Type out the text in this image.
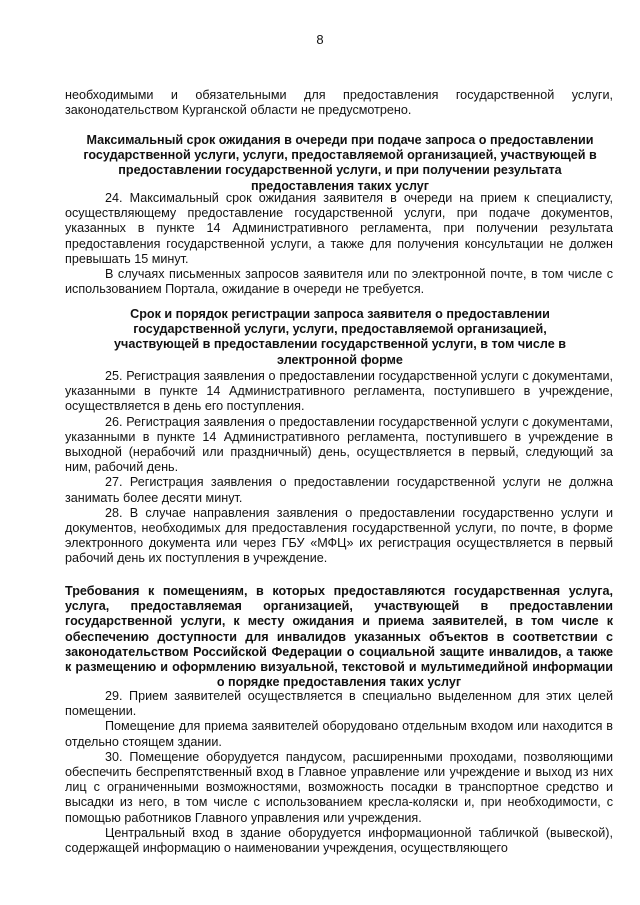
8

необходимыми и обязательными для предоставления государственной услуги, законодательством Курганской области не предусмотрено.

Максимальный срок ожидания в очереди при подаче запроса о предоставлении государственной услуги, услуги, предоставляемой организацией, участвующей в предоставлении государственной услуги, и при получении результата предоставления таких услуг

24. Максимальный срок ожидания заявителя в очереди на прием к специалисту, осуществляющему предоставление государственной услуги, при подаче документов, указанных в пункте 14 Административного регламента, при получении результата предоставления государственной услуги, а также для получения консультации не должен превышать 15 минут.

В случаях письменных запросов заявителя или по электронной почте, в том числе с использованием Портала, ожидание в очереди не требуется.

Срок и порядок регистрации запроса заявителя о предоставлении государственной услуги, услуги, предоставляемой организацией, участвующей в предоставлении государственной услуги, в том числе в электронной форме

25. Регистрация заявления о предоставлении государственной услуги с документами, указанными в пункте 14 Административного регламента, поступившего в учреждение, осуществляется в день его поступления.

26. Регистрация заявления о предоставлении государственной услуги с документами, указанными в пункте 14 Административного регламента, поступившего в учреждение в выходной (нерабочий или праздничный) день, осуществляется в первый, следующий за ним, рабочий день.

27. Регистрация заявления о предоставлении государственной услуги не должна занимать более десяти минут.

28. В случае направления заявления о предоставлении государственно услуги и документов, необходимых для предоставления государственной услуги, по почте, в форме электронного документа или через ГБУ «МФЦ» их регистрация осуществляется в первый рабочий день их поступления в учреждение.

Требования к помещениям, в которых предоставляются государственная услуга, услуга, предоставляемая организацией, участвующей в предоставлении государственной услуги, к месту ожидания и приема заявителей, в том числе к обеспечению доступности для инвалидов указанных объектов в соответствии с законодательством Российской Федерации о социальной защите инвалидов, а также к размещению и оформлению визуальной, текстовой и мультимедийной информации о порядке предоставления таких услуг

29. Прием заявителей осуществляется в специально выделенном для этих целей помещении.

Помещение для приема заявителей оборудовано отдельным входом или находится в отдельно стоящем здании.

30. Помещение оборудуется пандусом, расширенными проходами, позволяющими обеспечить беспрепятственный вход в Главное управление или учреждение и выход из них лиц с ограниченными возможностями, возможность посадки в транспортное средство и высадки из него, в том числе с использованием кресла-коляски и, при необходимости, с помощью работников Главного управления или учреждения.

Центральный вход в здание оборудуется информационной табличкой (вывеской), содержащей информацию о наименовании учреждения, осуществляющего
